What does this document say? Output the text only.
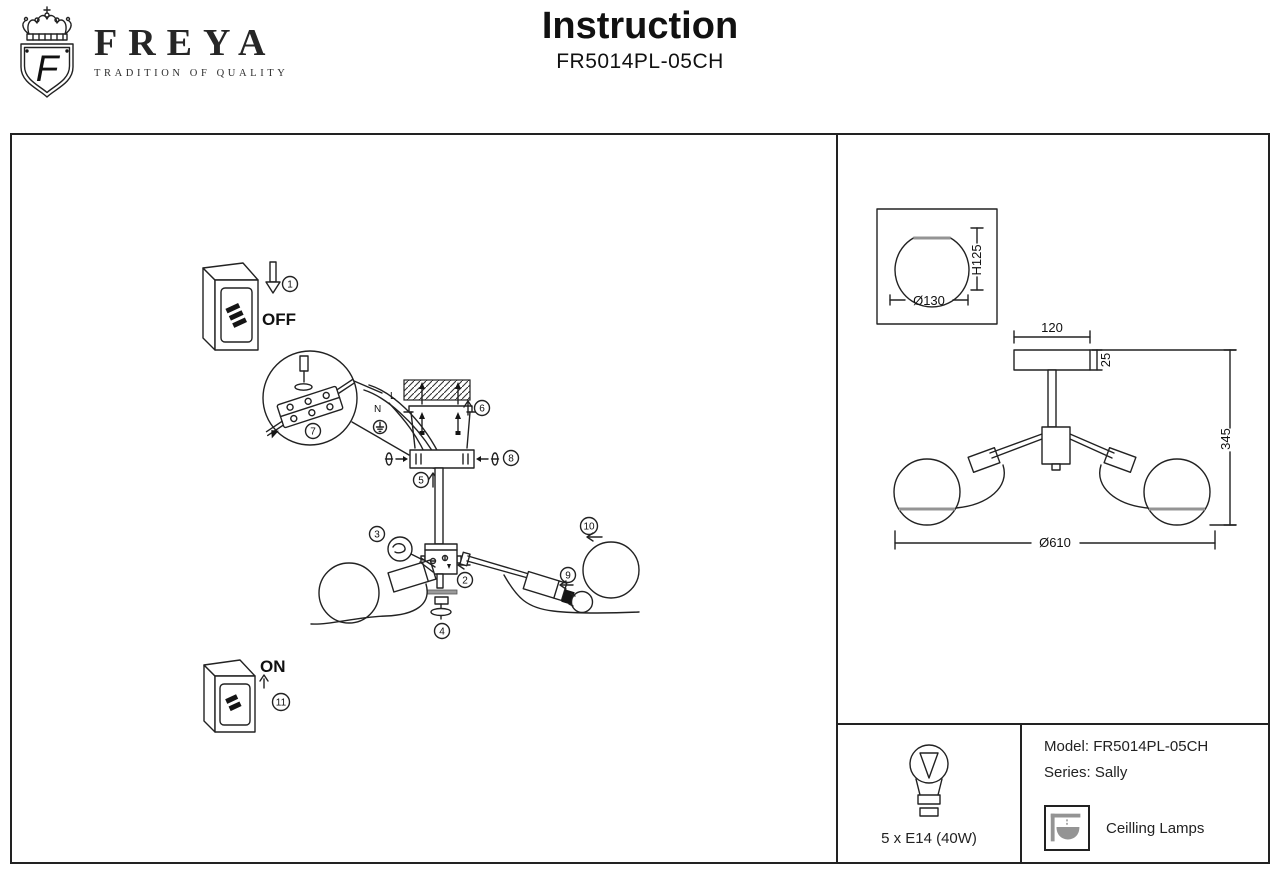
F
FREYA
TRADITION OF QUALITY
Instruction
FR5014PL-05CH
1
OFF
7
6
N
L
8
5
4
2
3
9
10
ON
11
H125
Ø130
120
25
345
Ø610
5 x E14 (40W)
Model: FR5014PL-05CH
Series: Sally
Ceilling Lamps
